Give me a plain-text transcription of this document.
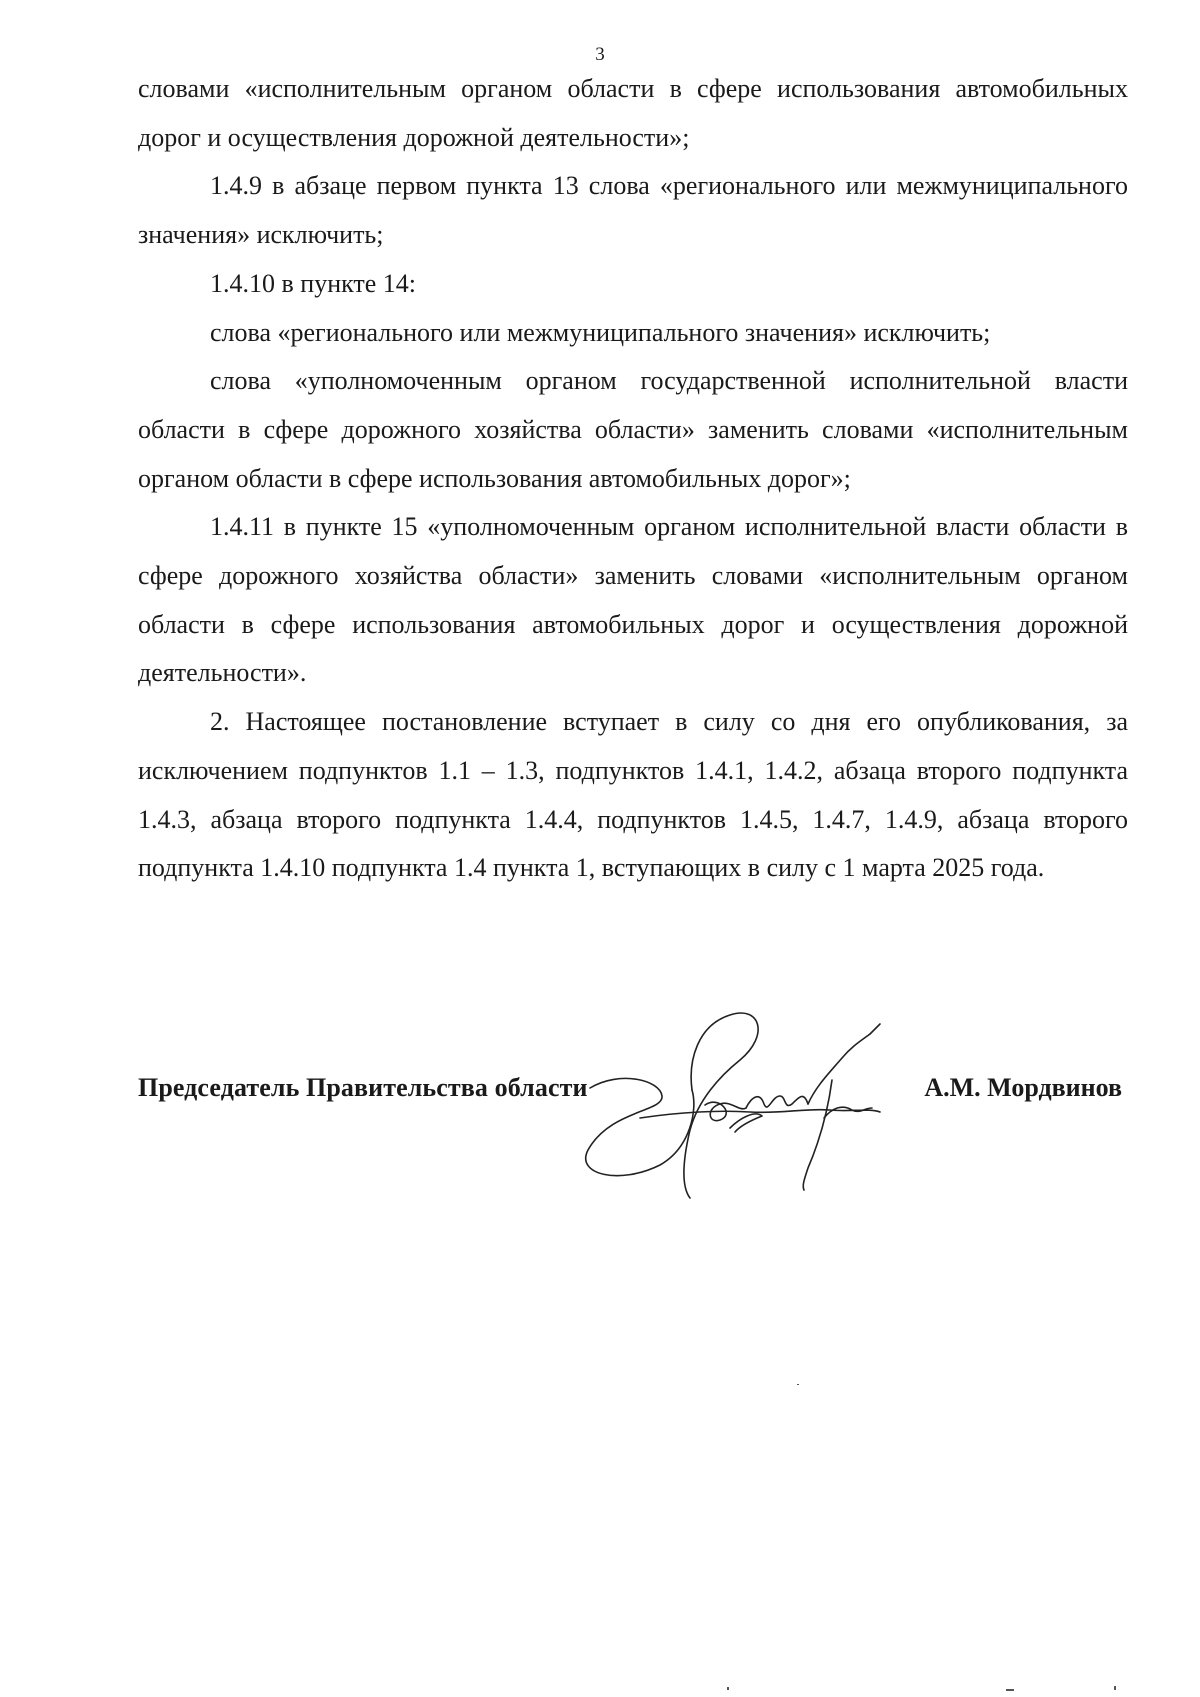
3

словами «исполнительным органом области в сфере использования автомобильных дорог и осуществления дорожной деятельности»;

1.4.9 в абзаце первом пункта 13 слова «регионального или межмуниципального значения» исключить;

1.4.10 в пункте 14:

слова «регионального или межмуниципального значения» исключить;

слова «уполномоченным органом государственной исполнительной власти области в сфере дорожного хозяйства области» заменить словами «исполнительным органом области в сфере использования автомобильных дорог»;

1.4.11 в пункте 15 «уполномоченным органом исполнительной власти области в сфере дорожного хозяйства области» заменить словами «исполнительным органом области в сфере использования автомобильных дорог и осуществления дорожной деятельности».

2. Настоящее постановление вступает в силу со дня его опубликования, за исключением подпунктов 1.1 – 1.3, подпунктов 1.4.1, 1.4.2, абзаца второго подпункта 1.4.3, абзаца второго подпункта 1.4.4, подпунктов 1.4.5, 1.4.7, 1.4.9, абзаца второго подпункта 1.4.10 подпункта 1.4 пункта 1, вступающих в силу с 1 марта 2025 года.

Председатель Правительства области	А.М. Мордвинов
